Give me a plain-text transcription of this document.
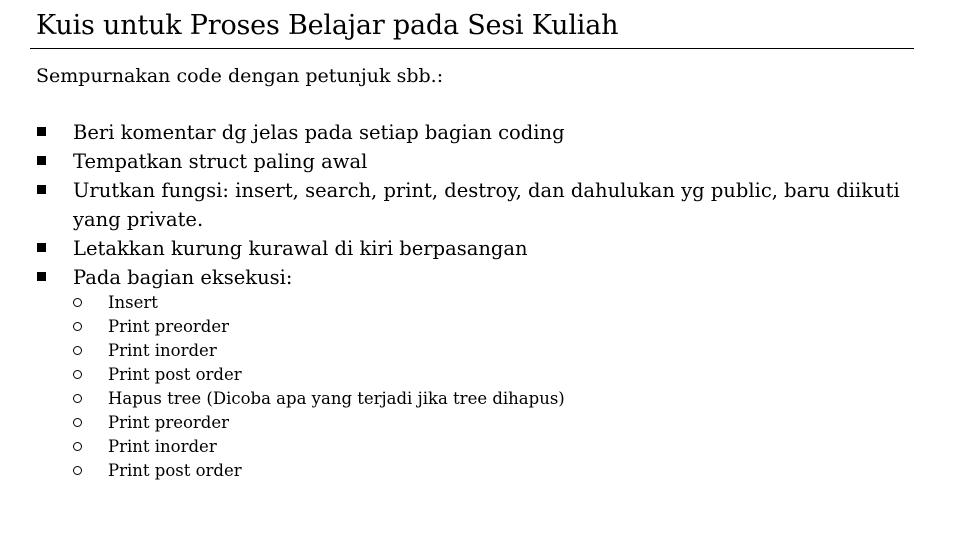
Kuis untuk Proses Belajar pada Sesi Kuliah
Sempurnakan code dengan petunjuk sbb.:
Beri komentar dg jelas pada setiap bagian coding
Tempatkan struct paling awal
Urutkan fungsi: insert, search, print, destroy, dan dahulukan yg public, baru diikuti yang private.
Letakkan kurung kurawal di kiri berpasangan
Pada bagian eksekusi:
Insert
Print preorder
Print inorder
Print post order
Hapus tree (Dicoba apa yang terjadi jika tree dihapus)
Print preorder
Print inorder
Print post order
